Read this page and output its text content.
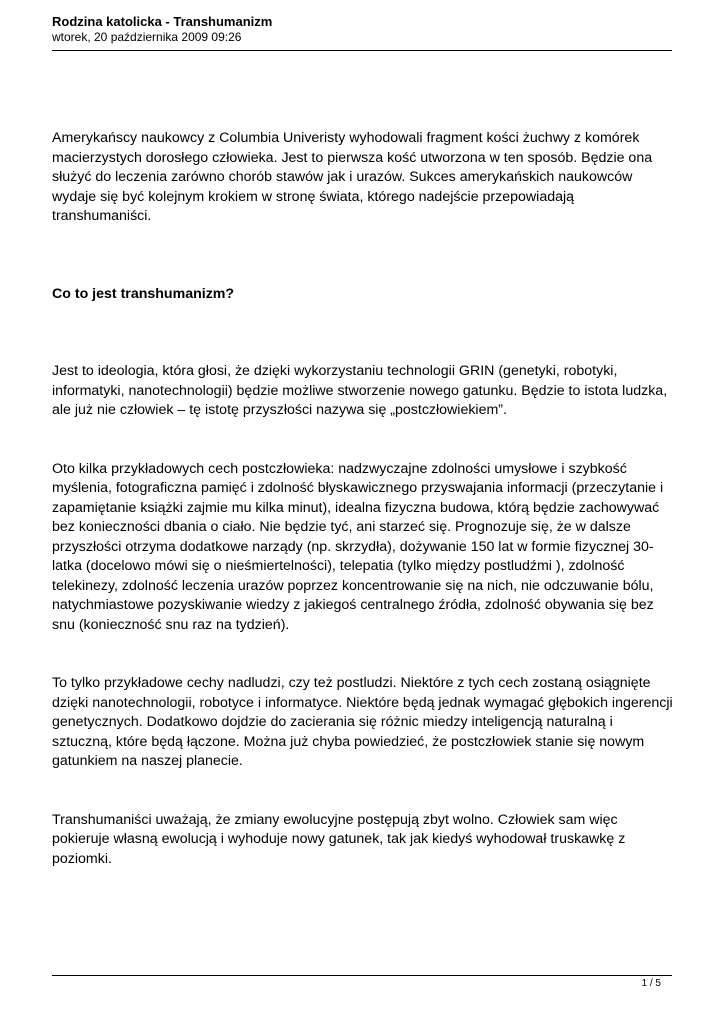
Rodzina katolicka - Transhumanizm
wtorek, 20 października 2009 09:26

Amerykańscy naukowcy z Columbia Univeristy wyhodowali fragment kości żuchwy z komórek macierzystych dorosłego człowieka. Jest to pierwsza kość utworzona w ten sposób. Będzie ona służyć do leczenia zarówno chorób stawów jak i urazów. Sukces amerykańskich naukowców wydaje się być kolejnym krokiem w stronę świata, którego nadejście przepowiadają transhumaniści.

Co to jest transhumanizm?

Jest to ideologia, która głosi, że dzięki wykorzystaniu technologii GRIN (genetyki, robotyki, informatyki, nanotechnologii) będzie możliwe stworzenie nowego gatunku. Będzie to istota ludzka, ale już nie człowiek – tę istotę przyszłości nazywa się „postczłowiekiem”.

Oto kilka przykładowych cech postczłowieka: nadzwyczajne zdolności umysłowe i szybkość myślenia, fotograficzna pamięć i zdolność błyskawicznego przyswajania informacji (przeczytanie i zapamiętanie książki zajmie mu kilka minut), idealna fizyczna budowa, którą będzie zachowywać bez konieczności dbania o ciało. Nie będzie tyć, ani starzeć się. Prognozuje się, że w dalsze przyszłości otrzyma dodatkowe narządy (np. skrzydła), dożywanie 150 lat w formie fizycznej 30-latka (docelowo mówi się o nieśmiertelności), telepatia (tylko między postludźmi ), zdolność telekinezy, zdolność leczenia urazów poprzez koncentrowanie się na nich, nie odczuwanie bólu, natychmiastowe pozyskiwanie wiedzy z jakiegoś centralnego źródła, zdolność obywania się bez snu (konieczność snu raz na tydzień).

To tylko przykładowe cechy nadludzi, czy też postludzi. Niektóre z tych cech zostaną osiągnięte dzięki nanotechnologii, robotyce i informatyce. Niektóre będą jednak wymagać głębokich ingerencji genetycznych. Dodatkowo dojdzie do zacierania się różnic miedzy inteligencją naturalną i sztuczną, które będą łączone. Można już chyba powiedzieć, że postczłowiek stanie się nowym gatunkiem na naszej planecie.

Transhumaniści uważają, że zmiany ewolucyjne postępują zbyt wolno. Człowiek sam więc pokieruje własną ewolucją i wyhoduje nowy gatunek, tak jak kiedyś wyhodował truskawkę z poziomki.

1 / 5
